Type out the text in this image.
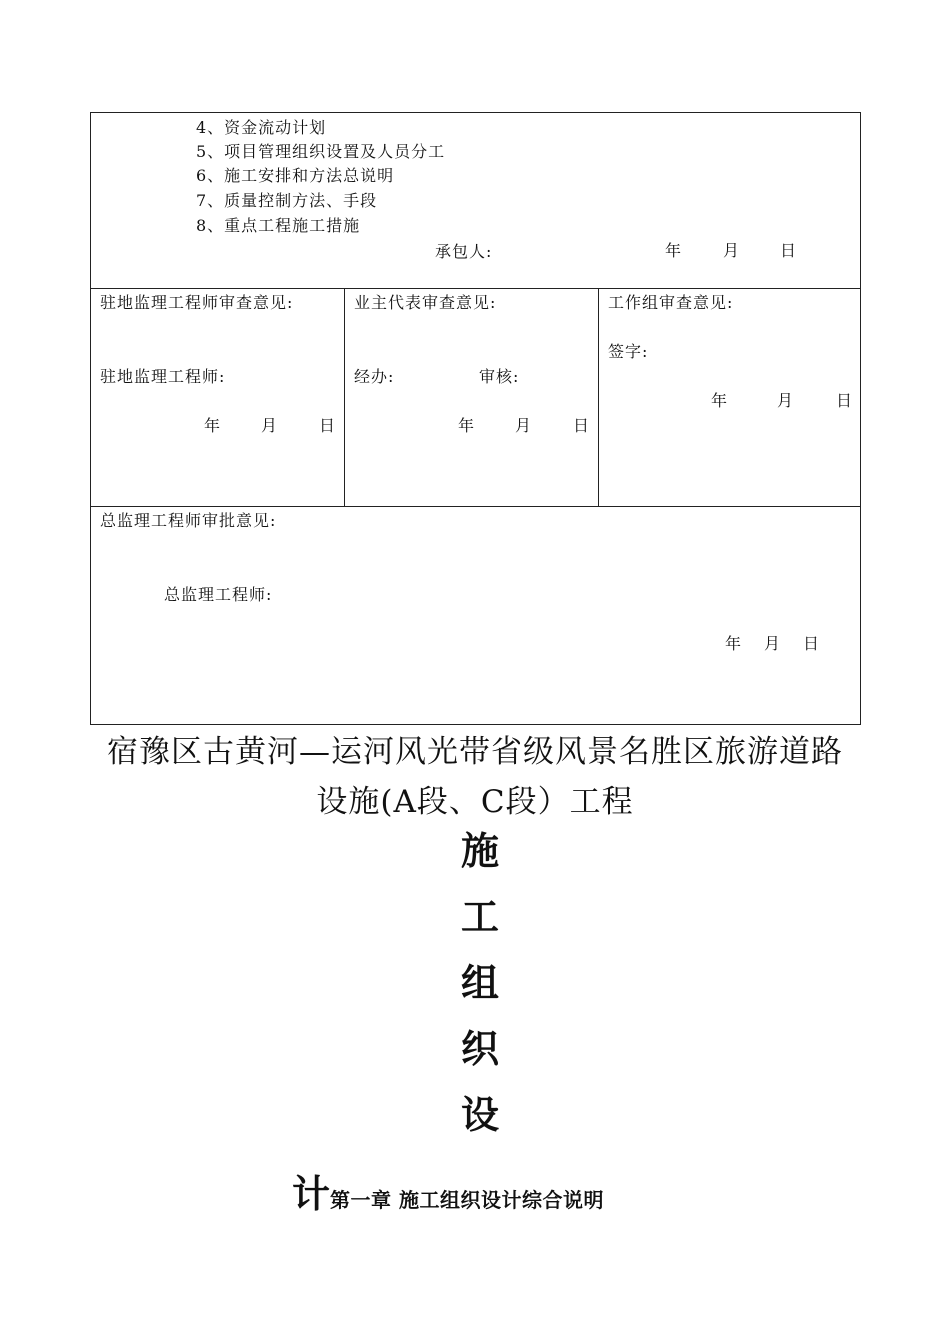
4、资金流动计划
5、项目管理组织设置及人员分工
6、施工安排和方法总说明
7、质量控制方法、手段
8、重点工程施工措施
承包人:	年	月 日
驻地监理工程师审查意见:
驻地监理工程师:
年 月	日
业主代表审查意见:
经办:	审核:
年 月	日
工作组审查意见:
签字:
年	月	日
总监理工程师审批意见:
总监理工程师:
年 月 日
宿豫区古黄河—运河风光带省级风景名胜区旅游道路
设施(A段、C段）工程
施
工
组
织
设
计第一章 施工组织设计综合说明
